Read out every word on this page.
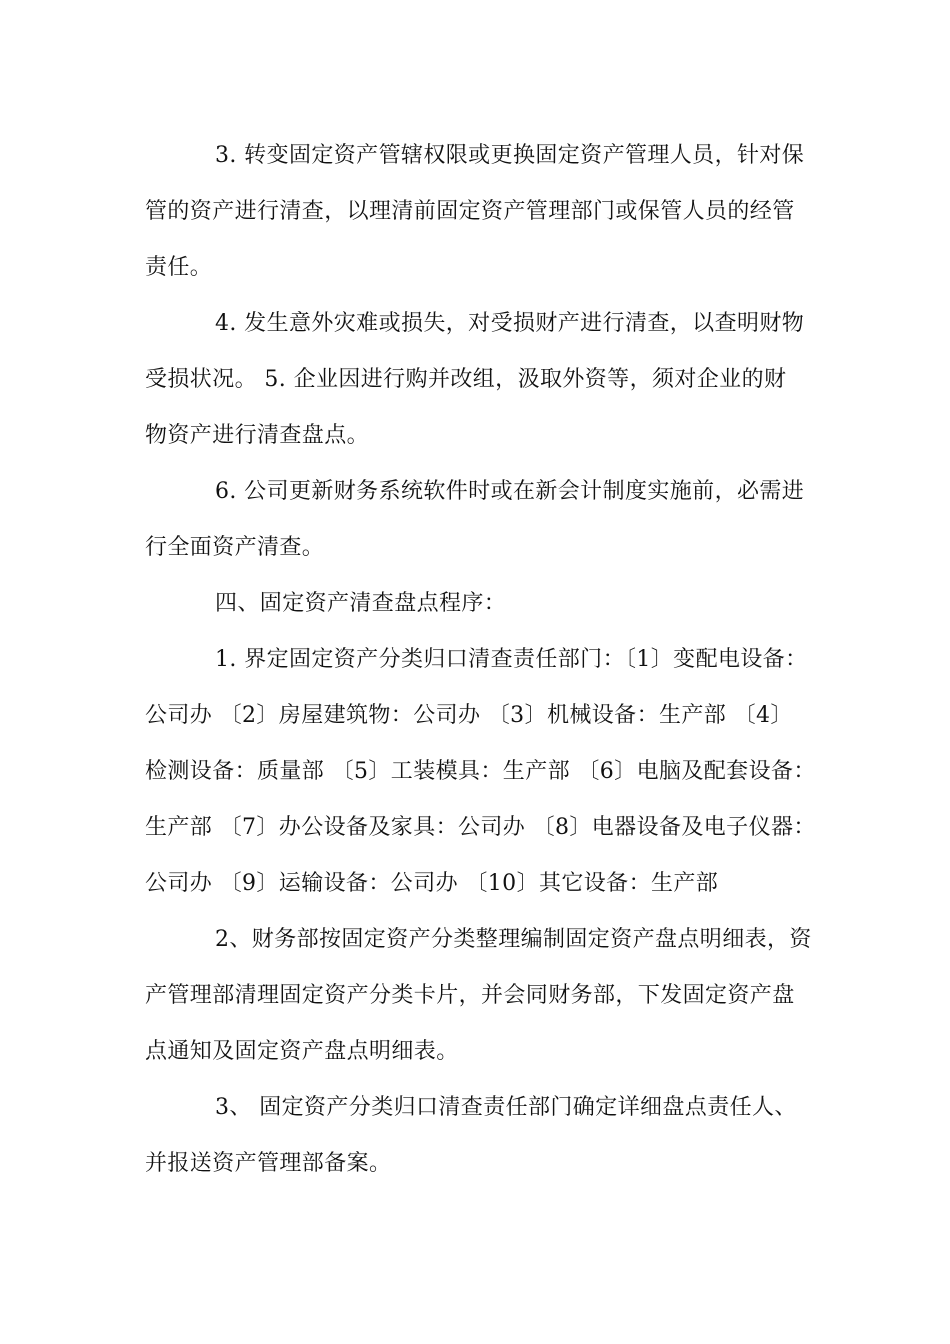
3. 转变固定资产管辖权限或更换固定资产管理人员，针对保
管的资产进行清查，以理清前固定资产管理部门或保管人员的经管
责任。

4. 发生意外灾难或损失，对受损财产进行清查，以查明财物
受损状况。 5. 企业因进行购并改组，汲取外资等，须对企业的财
物资产进行清查盘点。

6. 公司更新财务系统软件时或在新会计制度实施前，必需进
行全面资产清查。

四、固定资产清查盘点程序：

1. 界定固定资产分类归口清查责任部门：〔1〕变配电设备：
公司办 〔2〕房屋建筑物：公司办 〔3〕机械设备：生产部 〔4〕
检测设备：质量部 〔5〕工装模具：生产部 〔6〕电脑及配套设备：
生产部 〔7〕办公设备及家具：公司办 〔8〕电器设备及电子仪器：
公司办 〔9〕运输设备：公司办 〔10〕其它设备：生产部

2、财务部按固定资产分类整理编制固定资产盘点明细表，资
产管理部清理固定资产分类卡片，并会同财务部，下发固定资产盘
点通知及固定资产盘点明细表。

3、 固定资产分类归口清查责任部门确定详细盘点责任人、
并报送资产管理部备案。
